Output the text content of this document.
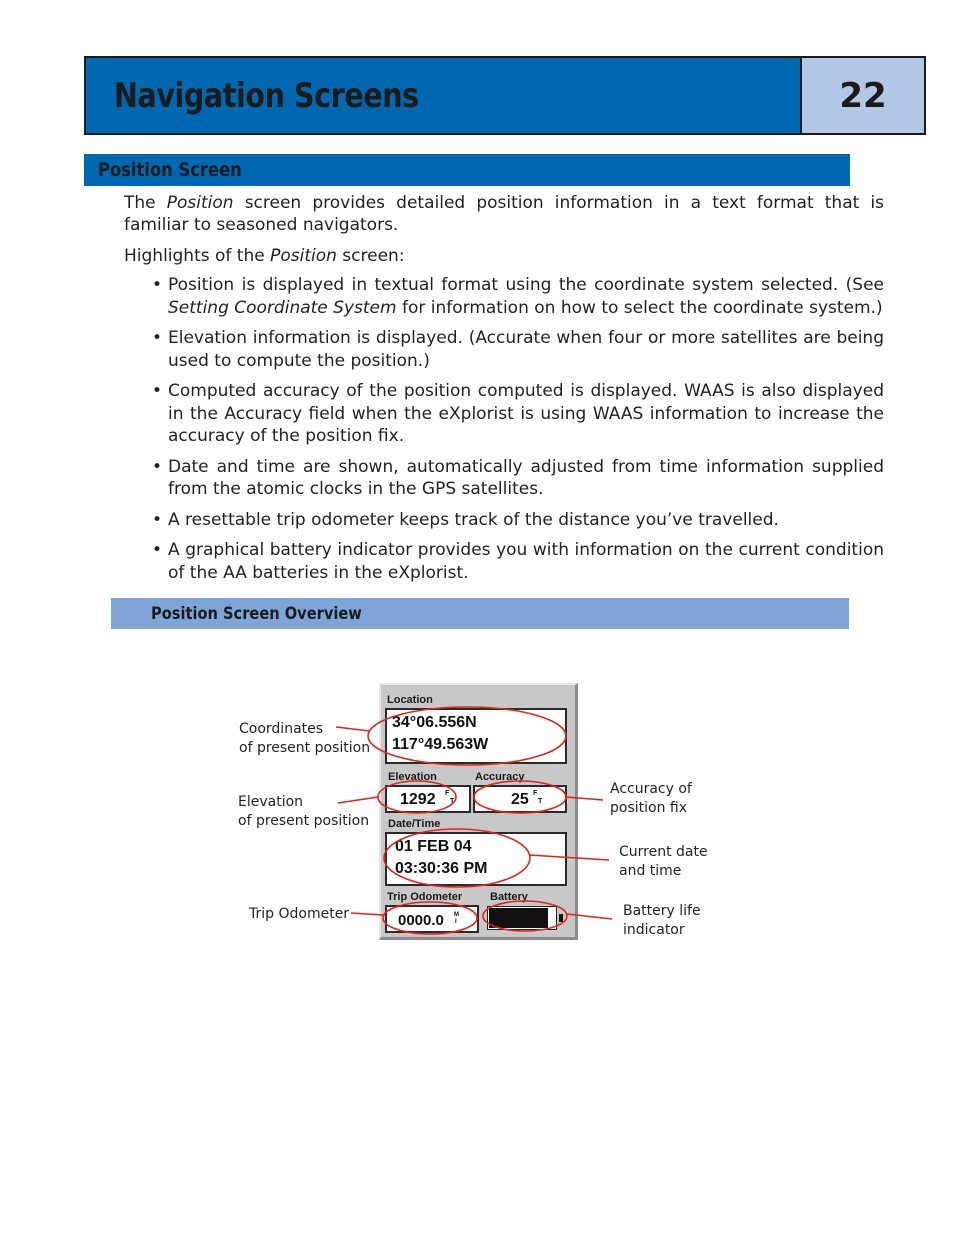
Navigation Screens	22
Position Screen
The Position screen provides detailed position information in a text format that is familiar to seasoned navigators.
Highlights of the Position screen:
• Position is displayed in textual format using the coordinate system selected. (See Setting Coordinate System for information on how to select the coordinate system.)
• Elevation information is displayed. (Accurate when four or more satellites are being used to compute the position.)
• Computed accuracy of the position computed is displayed. WAAS is also displayed in the Accuracy field when the eXplorist is using WAAS information to increase the accuracy of the position fix.
• Date and time are shown, automatically adjusted from time information supplied from the atomic clocks in the GPS satellites.
• A resettable trip odometer keeps track of the distance you’ve travelled.
• A graphical battery indicator provides you with information on the current condition of the AA batteries in the eXplorist.
Position Screen Overview
Location
34°06.556N
117°49.563W
Elevation	Accuracy
1292 F
T	25 F
T
Date/Time
01 FEB 04
03:30:36 PM
Trip Odometer	Battery
0000.0 M
I
Coordinates
of present position
Elevation
of present position
Trip Odometer
Accuracy of
position fix
Current date
and time
Battery life
indicator
